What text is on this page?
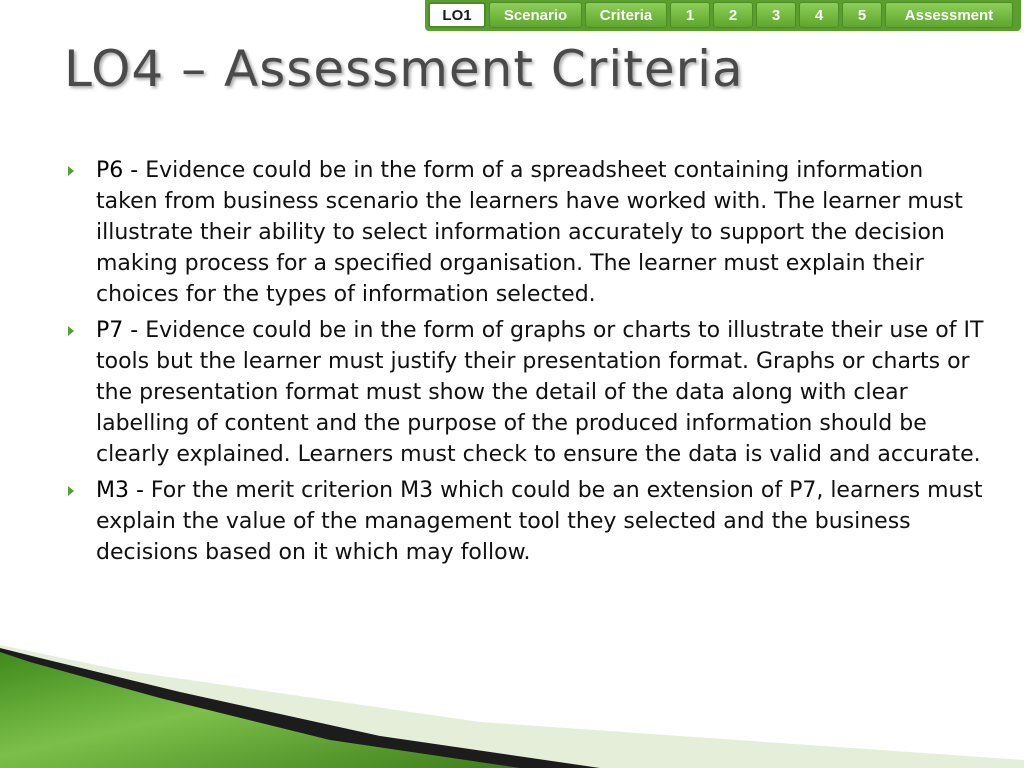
LO1	Scenario	Criteria	1	2	3	4	5	Assessment
LO4 – Assessment Criteria
P6 - Evidence could be in the form of a spreadsheet containing information taken from business scenario the learners have worked with. The learner must illustrate their ability to select information accurately to support the decision making process for a specified organisation. The learner must explain their choices for the types of information selected.
P7 - Evidence could be in the form of graphs or charts to illustrate their use of IT tools but the learner must justify their presentation format. Graphs or charts or the presentation format must show the detail of the data along with clear labelling of content and the purpose of the produced information should be clearly explained. Learners must check to ensure the data is valid and accurate.
M3 - For the merit criterion M3 which could be an extension of P7, learners must explain the value of the management tool they selected and the business decisions based on it which may follow.
